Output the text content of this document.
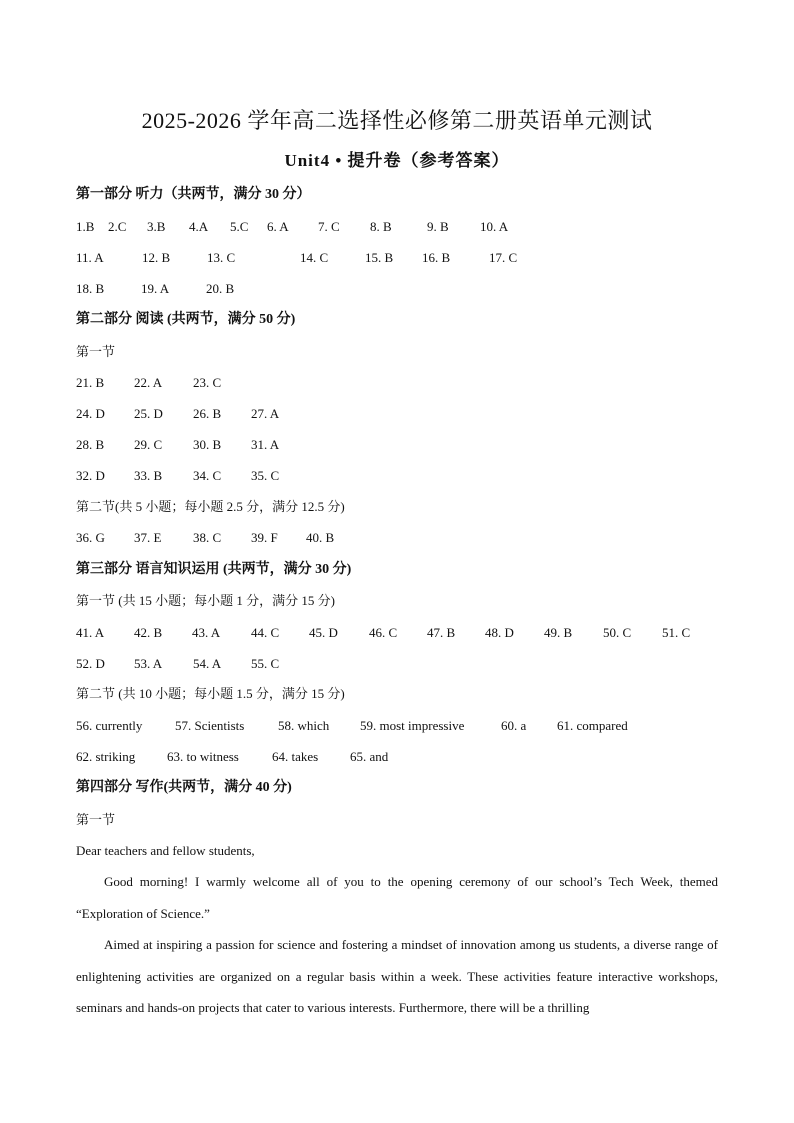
2025-2026 学年高二选择性必修第二册英语单元测试
Unit4 • 提升卷（参考答案）
第一部分 听力（共两节，满分 30 分）
1.B 2.C 3.B 4.A 5.C 6. A 7. C 8. B	9. B 10. A
11. A	12. B	13. C	14. C	15. B 16. B	17. C
18. B	19. A	20. B
第二部分 阅读 (共两节，满分 50 分)
第一节
21. B 22. A 23. C
24. D 25. D 26. B 27. A
28. B 29. C 30. B 31. A
32. D 33. B 34. C 35. C
第二节(共 5 小题；每小题 2.5 分，满分 12.5 分)
36. G 37. E 38. C 39. F 40. B
第三部分 语言知识运用 (共两节，满分 30 分)
第一节 (共 15 小题；每小题 1 分，满分 15 分)
41. A 42. B 43. A 44. C 45. D 46. C 47. B 48. D 49. B 50. C 51. C
52. D 53. A 54. A 55. C
第二节 (共 10 小题；每小题 1.5 分，满分 15 分)
56. currently	57. Scientists	58. which 59. most impressive	60. a 61. compared
62. striking 63. to witness	64. takes 65. and
第四部分 写作(共两节，满分 40 分)
第一节
Dear teachers and fellow students,
Good morning! I warmly welcome all of you to the opening ceremony of our school’s Tech Week, themed “Exploration of Science.”
Aimed at inspiring a passion for science and fostering a mindset of innovation among us students, a diverse range of enlightening activities are organized on a regular basis within a week. These activities feature interactive workshops, seminars and hands-on projects that cater to various interests. Furthermore, there will be a thrilling
